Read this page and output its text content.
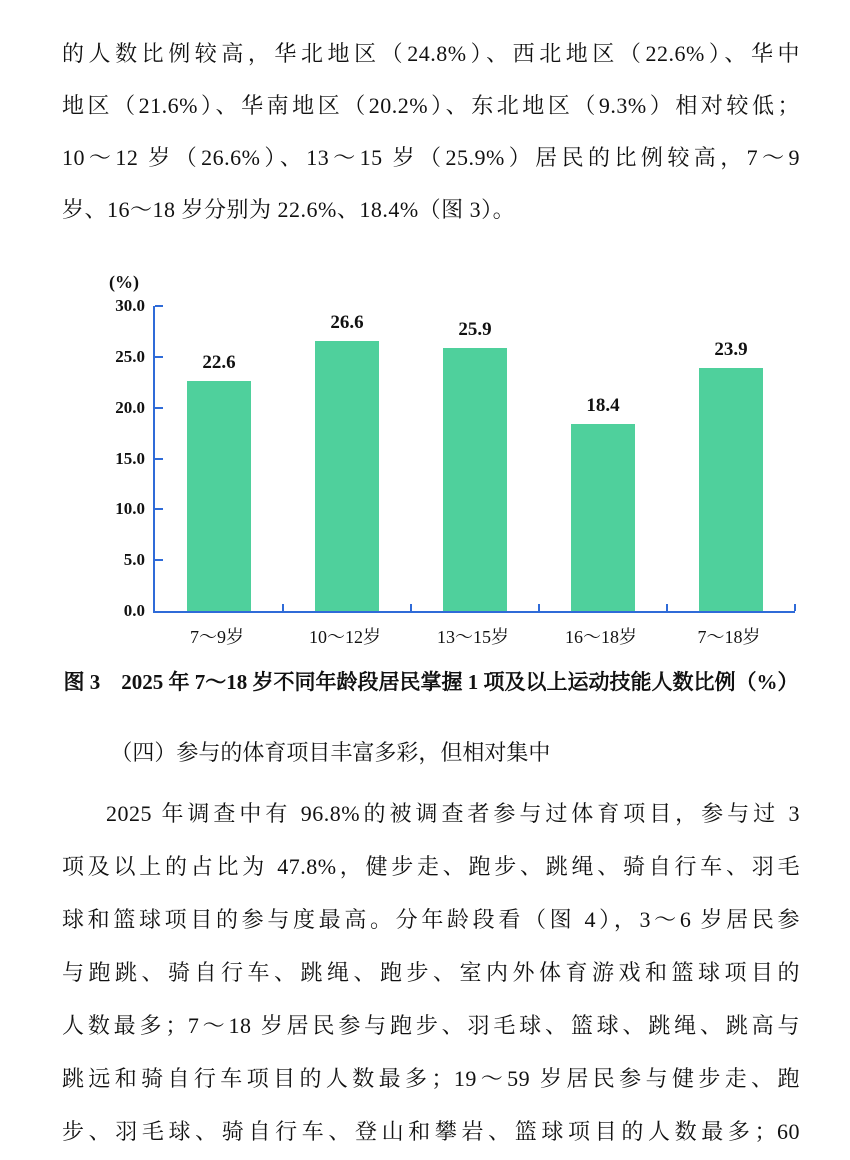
的人数比例较高，华北地区（24.8%）、西北地区（22.6%）、华中
地区（21.6%）、华南地区（20.2%）、东北地区（9.3%）相对较低；
10～12 岁（26.6%）、13～15 岁（25.9%）居民的比例较高，7～9
岁、16～18 岁分别为 22.6%、18.4%（图 3）。
(%)
22.6
26.6	25.9
18.4
23.9
0.0
5.0
10.0
15.0
20.0
25.0
30.0
7～9岁	10～12岁	13～15岁	16～18岁	7～18岁
图 3　2025 年 7～18 岁不同年龄段居民掌握 1 项及以上运动技能人数比例（%）
（四）参与的体育项目丰富多彩，但相对集中
2025 年调查中有 96.8%的被调查者参与过体育项目，参与过 3
项及以上的占比为 47.8%，健步走、跑步、跳绳、骑自行车、羽毛
球和篮球项目的参与度最高。分年龄段看（图 4），3～6 岁居民参
与跑跳、骑自行车、跳绳、跑步、室内外体育游戏和篮球项目的
人数最多；7～18 岁居民参与跑步、羽毛球、篮球、跳绳、跳高与
跳远和骑自行车项目的人数最多；19～59 岁居民参与健步走、跑
步、羽毛球、骑自行车、登山和攀岩、篮球项目的人数最多；60
